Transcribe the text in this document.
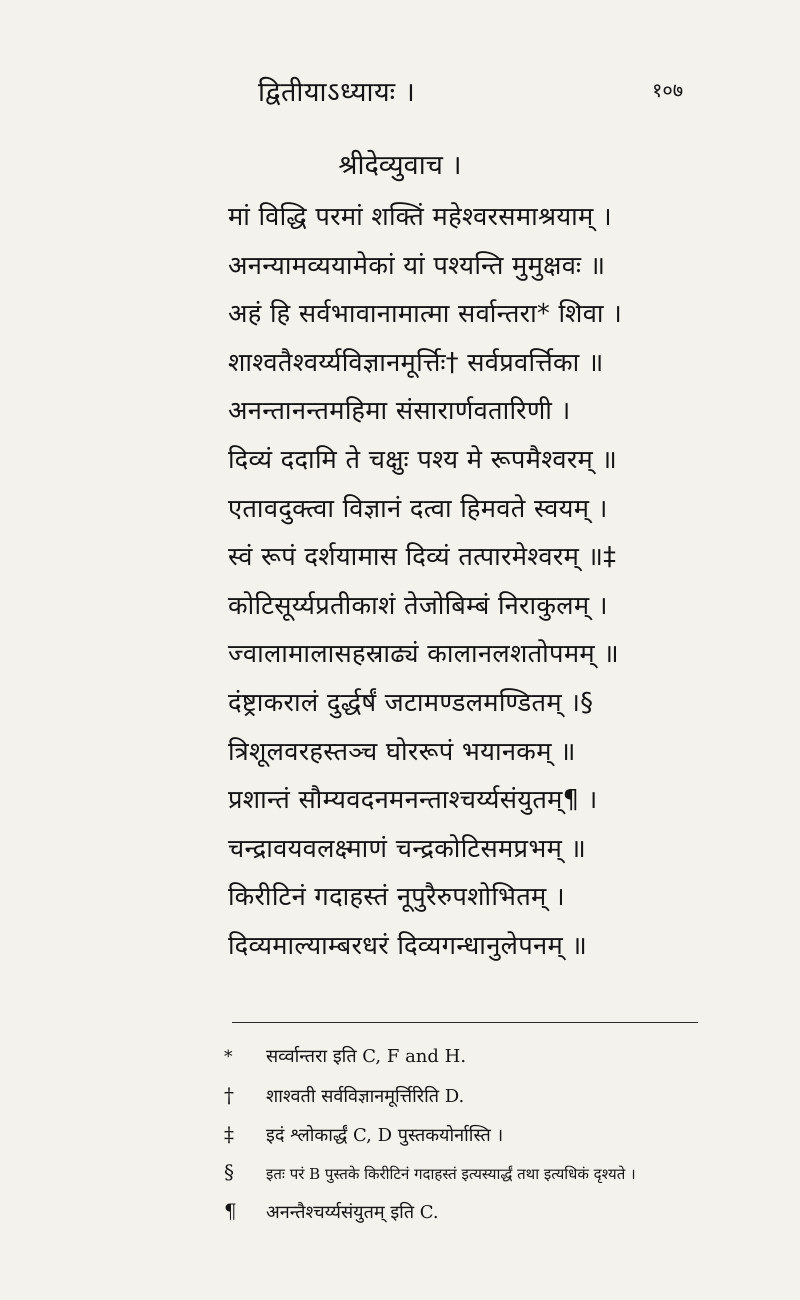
द्वितीयाऽध्यायः ।	१०७
श्रीदेव्युवाच ।
मां विद्धि परमां शक्तिं महेश्वरसमाश्रयाम् ।
अनन्यामव्ययामेकां यां पश्यन्ति मुमुक्षवः ॥
अहं हि सर्वभावानामात्मा सर्वान्तरा* शिवा ।
शाश्वतैश्वर्य्यविज्ञानमूर्त्तिः† सर्वप्रवर्त्तिका ॥
अनन्तानन्तमहिमा संसारार्णवतारिणी ।
दिव्यं ददामि ते चक्षुः पश्य मे रूपमैश्वरम् ॥
एतावदुक्त्वा विज्ञानं दत्वा हिमवते स्वयम् ।
स्वं रूपं दर्शयामास दिव्यं तत्पारमेश्वरम् ॥‡
कोटिसूर्य्यप्रतीकाशं तेजोबिम्बं निराकुलम् ।
ज्वालामालासहस्राढ्यं कालानलशतोपमम् ॥
दंष्ट्राकरालं दुर्द्धर्षं जटामण्डलमण्डितम् ।§
त्रिशूलवरहस्तञ्च घोररूपं भयानकम् ॥
प्रशान्तं सौम्यवदनमनन्ताश्चर्य्यसंयुतम्¶ ।
चन्द्रावयवलक्ष्माणं चन्द्रकोटिसमप्रभम् ॥
किरीटिनं गदाहस्तं नूपुरैरुपशोभितम् ।
दिव्यमाल्याम्बरधरं दिव्यगन्धानुलेपनम् ॥
* सर्व्वान्तरा इति C, F and H.
† शाश्वती सर्वविज्ञानमूर्त्तिरिति D.
‡ इदं श्लोकार्द्धं C, D पुस्तकयोर्नास्ति ।
§ इतः परं B पुस्तके किरीटिनं गदाहस्तं इत्यस्यार्द्धं तथा इत्यधिकं दृश्यते ।
¶ अनन्तैश्चर्य्यसंयुतम् इति C.
